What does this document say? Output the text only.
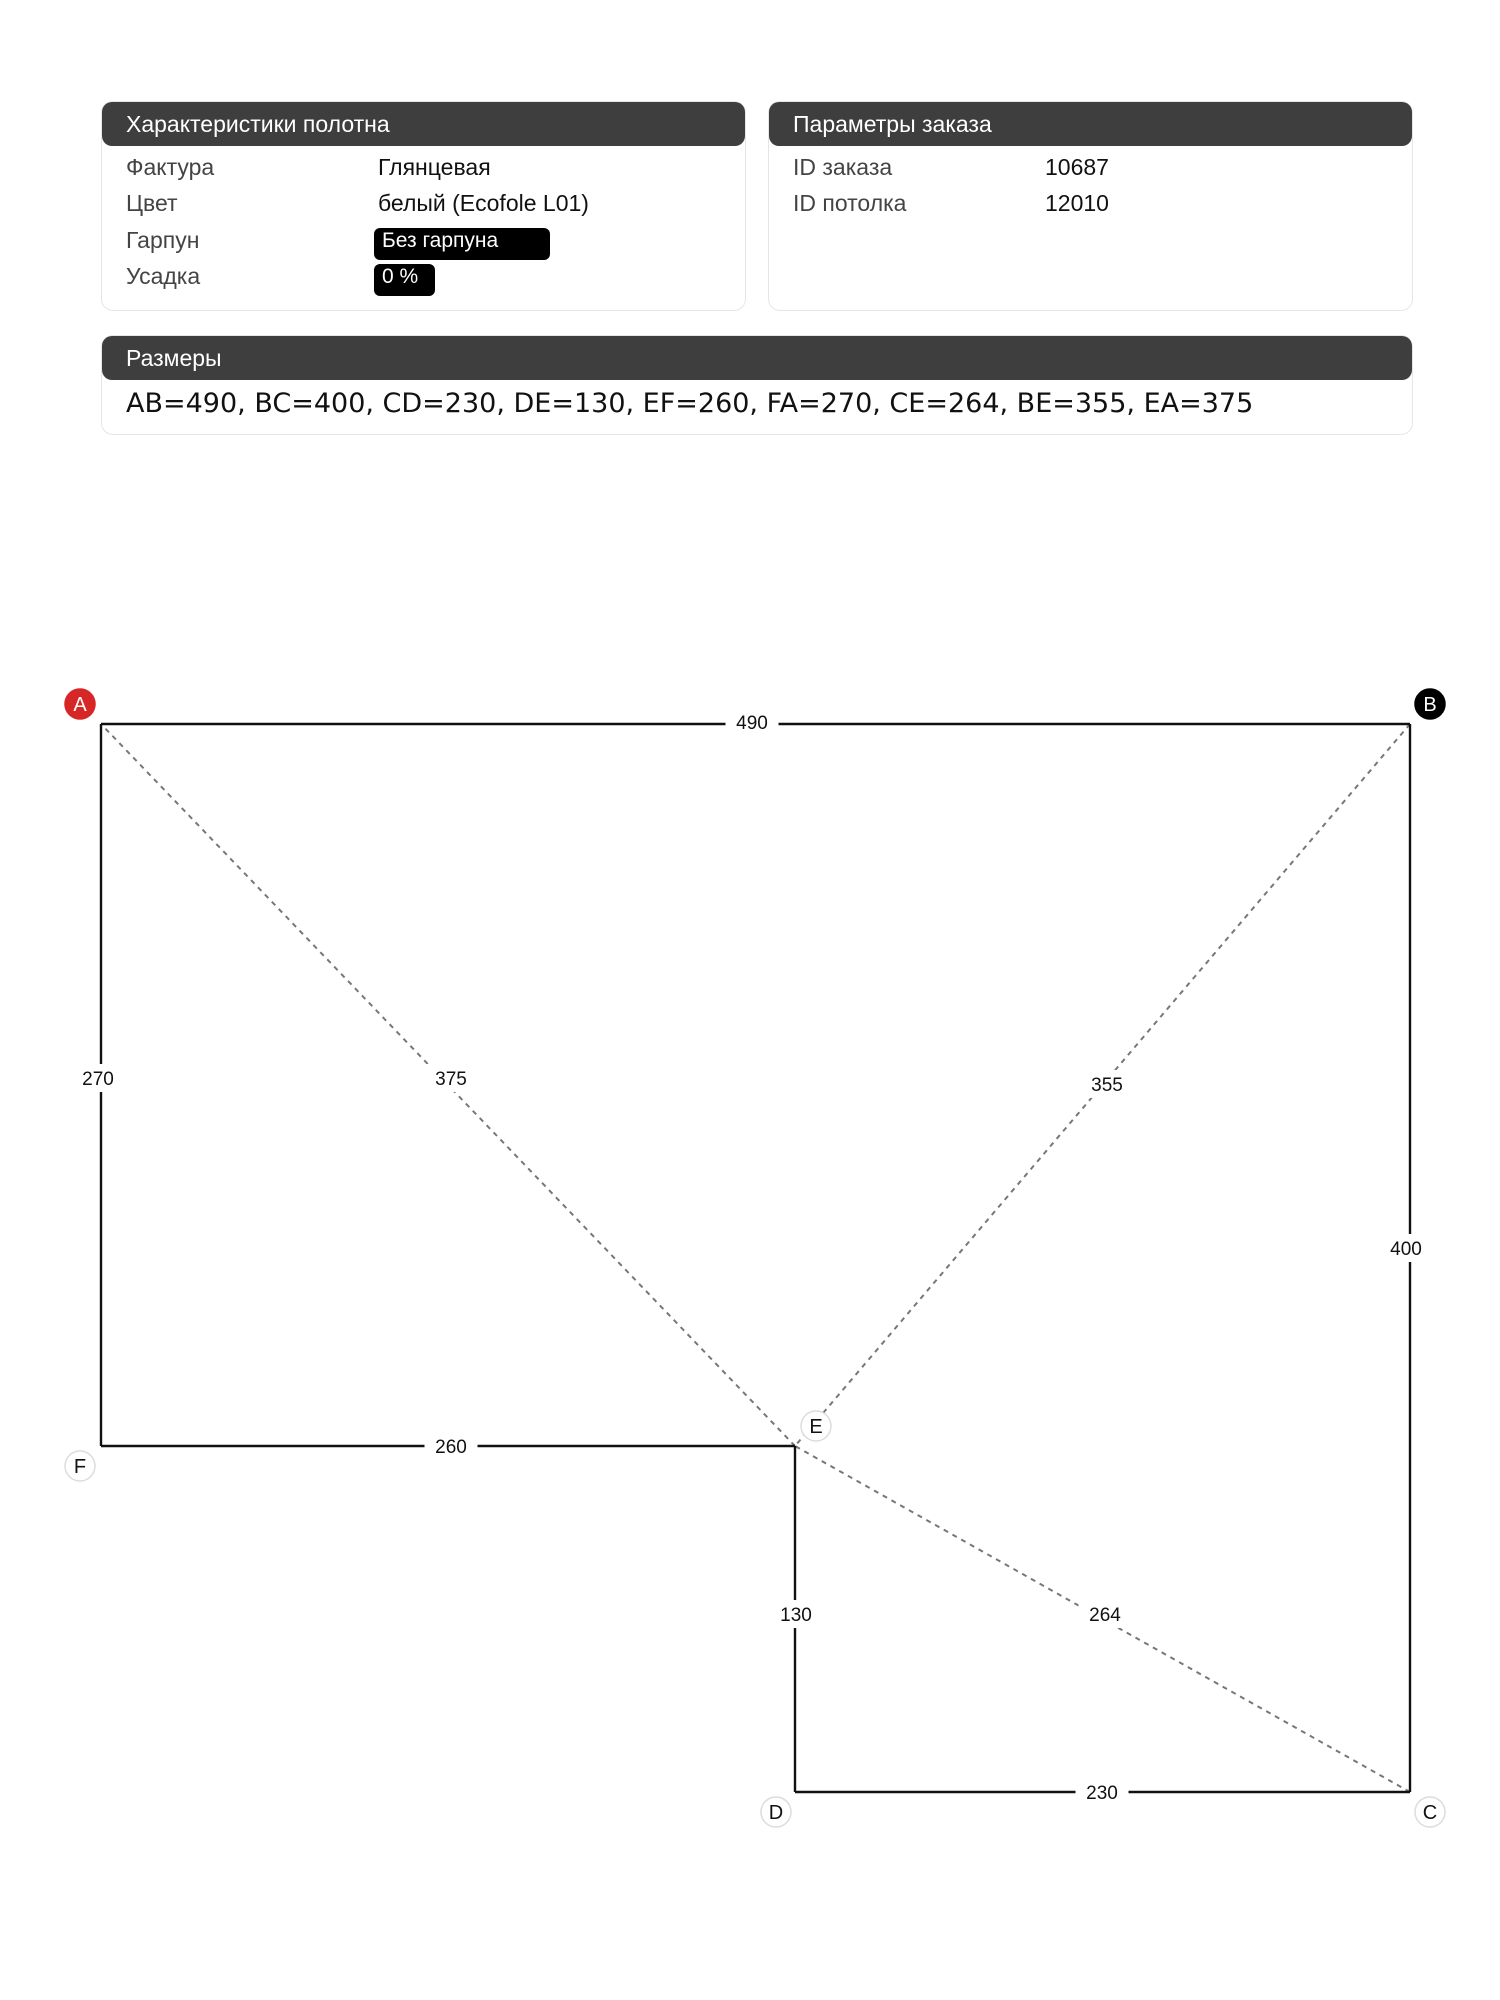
Характеристики полотна
Фактура	Глянцевая
Цвет	белый (Ecofole L01)
Гарпун	Без гарпуна
Усадка	0 %
Параметры заказа
ID заказа	10687
ID потолка	12010
Размеры
AB=490, BC=400, CD=230, DE=130, EF=260, FA=270, CE=264, BE=355, EA=375
264
355
375
490
400
230
130
260
270
A	B
C
D
E
F
